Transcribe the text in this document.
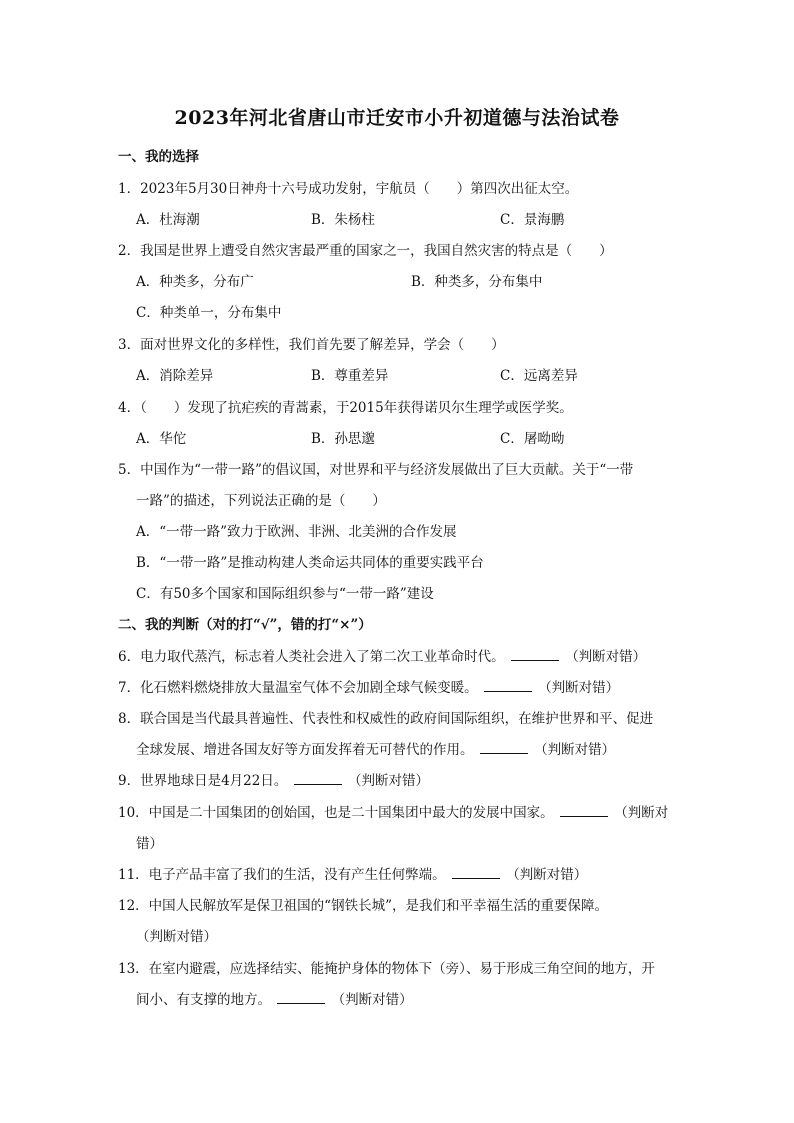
2023年河北省唐山市迁安市小升初道德与法治试卷
一、我的选择
1．2023年5月30日神舟十六号成功发射，宇航员（　　）第四次出征太空。
A．杜海潮	B．朱杨柱	C．景海鹏
2．我国是世界上遭受自然灾害最严重的国家之一，我国自然灾害的特点是（　　）
A．种类多，分布广	B．种类多，分布集中
C．种类单一，分布集中
3．面对世界文化的多样性，我们首先要了解差异，学会（　　）
A．消除差异	B．尊重差异	C．远离差异
4．（　　）发现了抗疟疾的青蒿素，于2015年获得诺贝尔生理学或医学奖。
A．华佗	B．孙思邈	C．屠呦呦
5．中国作为“一带一路”的倡议国，对世界和平与经济发展做出了巨大贡献。关于“一带
一路”的描述，下列说法正确的是（　　）
A．“一带一路”致力于欧洲、非洲、北美洲的合作发展
B．“一带一路”是推动构建人类命运共同体的重要实践平台
C．有50多个国家和国际组织参与“一带一路”建设
二、我的判断（对的打“√”，错的打“×”）
6．电力取代蒸汽，标志着人类社会进入了第二次工业革命时代。	（判断对错）
7．化石燃料燃烧排放大量温室气体不会加剧全球气候变暖。	（判断对错）
8．联合国是当代最具普遍性、代表性和权威性的政府间国际组织，在维护世界和平、促进
全球发展、增进各国友好等方面发挥着无可替代的作用。	（判断对错）
9．世界地球日是4月22日。	（判断对错）
10．中国是二十国集团的创始国，也是二十国集团中最大的发展中国家。	（判断对
错）
11．电子产品丰富了我们的生活，没有产生任何弊端。	（判断对错）
12．中国人民解放军是保卫祖国的“钢铁长城”，是我们和平幸福生活的重要保障。
（判断对错）
13．在室内避震，应选择结实、能掩护身体的物体下（旁）、易于形成三角空间的地方，开
间小、有支撑的地方。	（判断对错）
